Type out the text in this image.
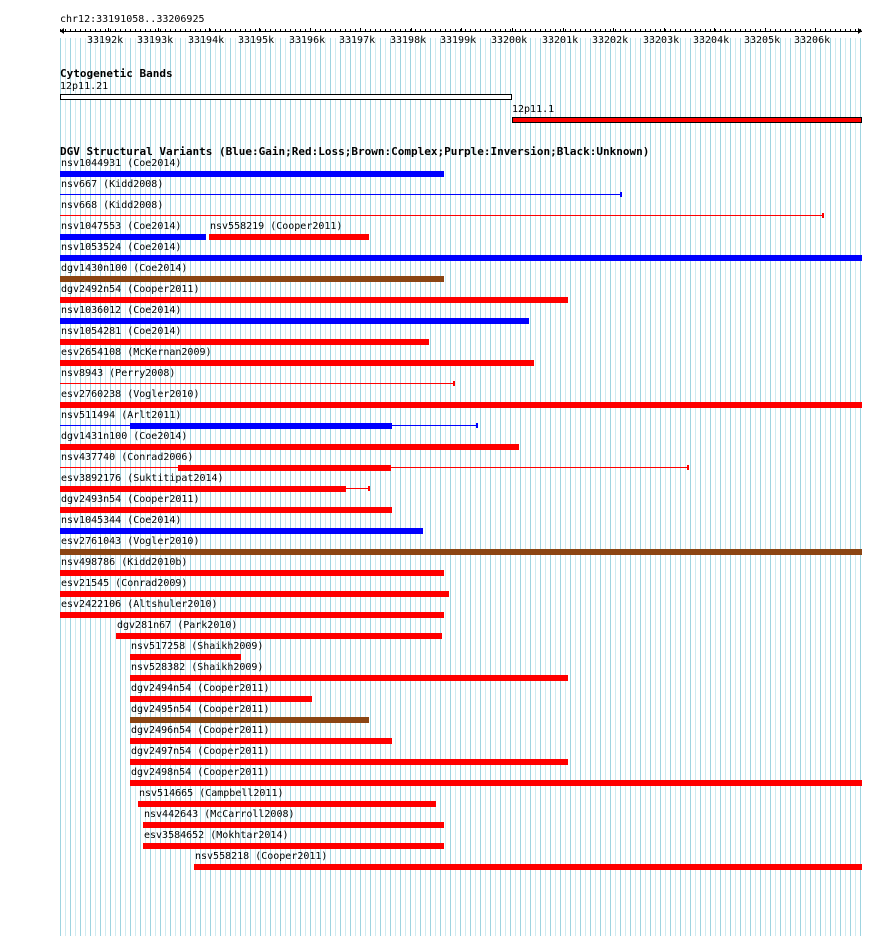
chr12:33191058..33206925
33192k 33193k 33194k 33195k 33196k 33197k 33198k 33199k 33200k 33201k 33202k 33203k 33204k 33205k 33206k
Cytogenetic Bands
12p11.21
12p11.1
DGV Structural Variants (Blue:Gain;Red:Loss;Brown:Complex;Purple:Inversion;Black:Unknown)
nsv1044931 (Coe2014)
nsv667 (Kidd2008)
nsv668 (Kidd2008)
nsv1047553 (Coe2014)	nsv558219 (Cooper2011)
nsv1053524 (Coe2014)
dgv1430n100 (Coe2014)
dgv2492n54 (Cooper2011)
nsv1036012 (Coe2014)
nsv1054281 (Coe2014)
esv2654108 (McKernan2009)
nsv8943 (Perry2008)
esv2760238 (Vogler2010)
nsv511494 (Arlt2011)
dgv1431n100 (Coe2014)
nsv437740 (Conrad2006)
esv3892176 (Suktitipat2014)
dgv2493n54 (Cooper2011)
nsv1045344 (Coe2014)
esv2761043 (Vogler2010)
nsv498786 (Kidd2010b)
esv21545 (Conrad2009)
esv2422106 (Altshuler2010)
dgv281n67 (Park2010)
nsv517258 (Shaikh2009)
nsv528382 (Shaikh2009)
dgv2494n54 (Cooper2011)
dgv2495n54 (Cooper2011)
dgv2496n54 (Cooper2011)
dgv2497n54 (Cooper2011)
dgv2498n54 (Cooper2011)
nsv514665 (Campbell2011)
nsv442643 (McCarroll2008)
esv3584652 (Mokhtar2014)
nsv558218 (Cooper2011)
